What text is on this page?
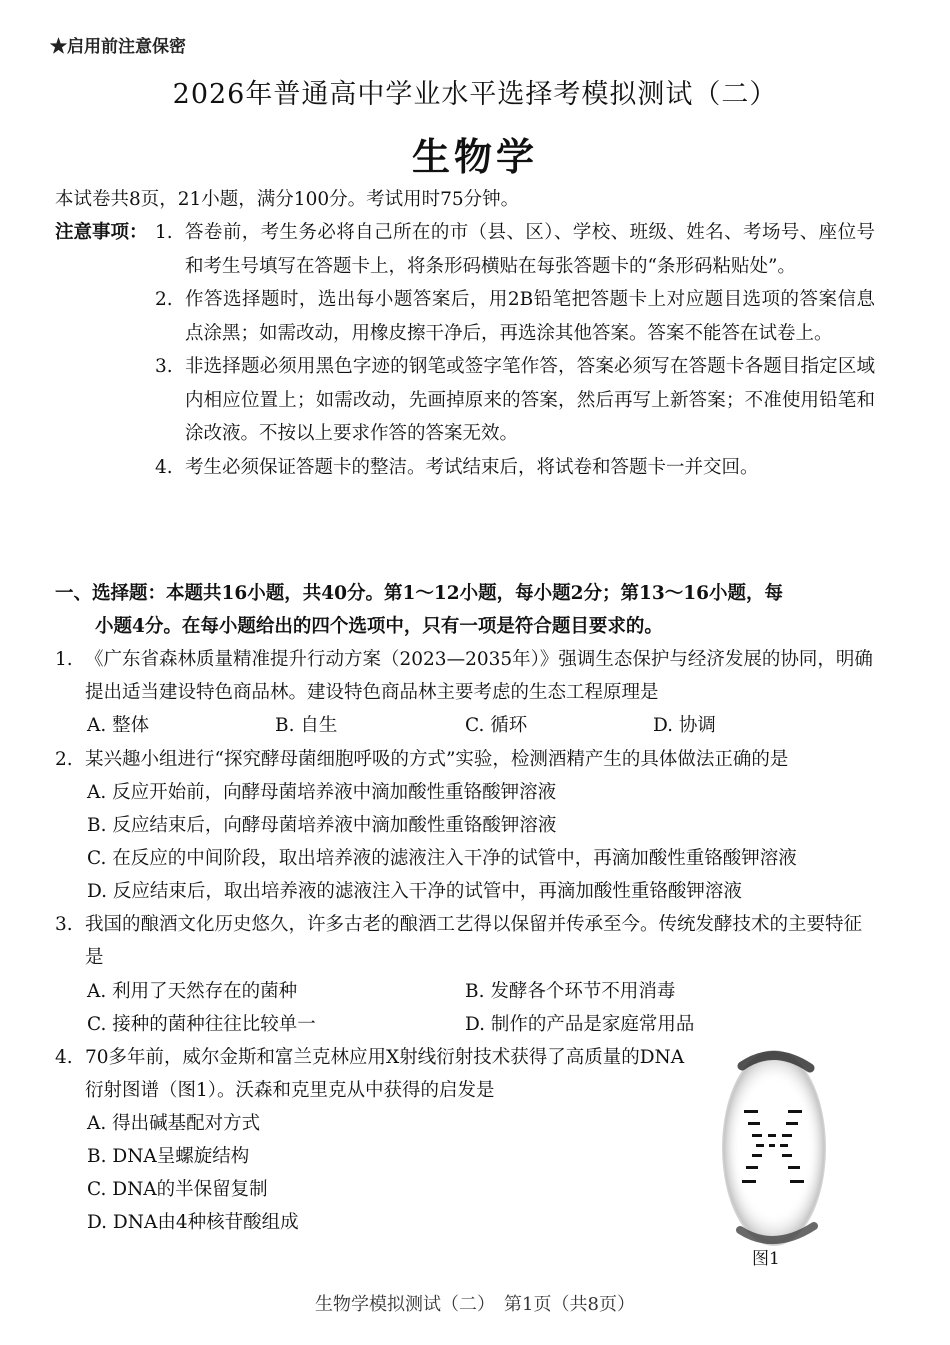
★启用前注意保密
2026年普通高中学业水平选择考模拟测试（二）
生物学
本试卷共8页，21小题，满分100分。考试用时75分钟。
注意事项： 1. 答卷前，考生务必将自己所在的市（县、区）、学校、班级、姓名、考场号、座位号和考生号填写在答题卡上，将条形码横贴在每张答题卡的“条形码粘贴处”。
2. 作答选择题时，选出每小题答案后，用2B铅笔把答题卡上对应题目选项的答案信息点涂黑；如需改动，用橡皮擦干净后，再选涂其他答案。答案不能答在试卷上。
3. 非选择题必须用黑色字迹的钢笔或签字笔作答，答案必须写在答题卡各题目指定区域内相应位置上；如需改动，先画掉原来的答案，然后再写上新答案；不准使用铅笔和涂改液。不按以上要求作答的答案无效。
4. 考生必须保证答题卡的整洁。考试结束后，将试卷和答题卡一并交回。
一、选择题：本题共16小题，共40分。第1～12小题，每小题2分；第13～16小题，每
小题4分。在每小题给出的四个选项中，只有一项是符合题目要求的。
1. 《广东省森林质量精准提升行动方案（2023—2035年）》强调生态保护与经济发展的协同，明确提出适当建设特色商品林。建设特色商品林主要考虑的生态工程原理是
A. 整体	B. 自生	C. 循环	D. 协调
2. 某兴趣小组进行“探究酵母菌细胞呼吸的方式”实验，检测酒精产生的具体做法正确的是
A. 反应开始前，向酵母菌培养液中滴加酸性重铬酸钾溶液
B. 反应结束后，向酵母菌培养液中滴加酸性重铬酸钾溶液
C. 在反应的中间阶段，取出培养液的滤液注入干净的试管中，再滴加酸性重铬酸钾溶液
D. 反应结束后，取出培养液的滤液注入干净的试管中，再滴加酸性重铬酸钾溶液
3. 我国的酿酒文化历史悠久，许多古老的酿酒工艺得以保留并传承至今。传统发酵技术的主要特征是
A. 利用了天然存在的菌种	B. 发酵各个环节不用消毒
C. 接种的菌种往往比较单一	D. 制作的产品是家庭常用品
4. 70多年前，威尔金斯和富兰克林应用X射线衍射技术获得了高质量的DNA衍射图谱（图1）。沃森和克里克从中获得的启发是
A. 得出碱基配对方式
B. DNA呈螺旋结构
C. DNA的半保留复制
D. DNA由4种核苷酸组成
图1
生物学模拟测试（二）　第1页（共8页）
